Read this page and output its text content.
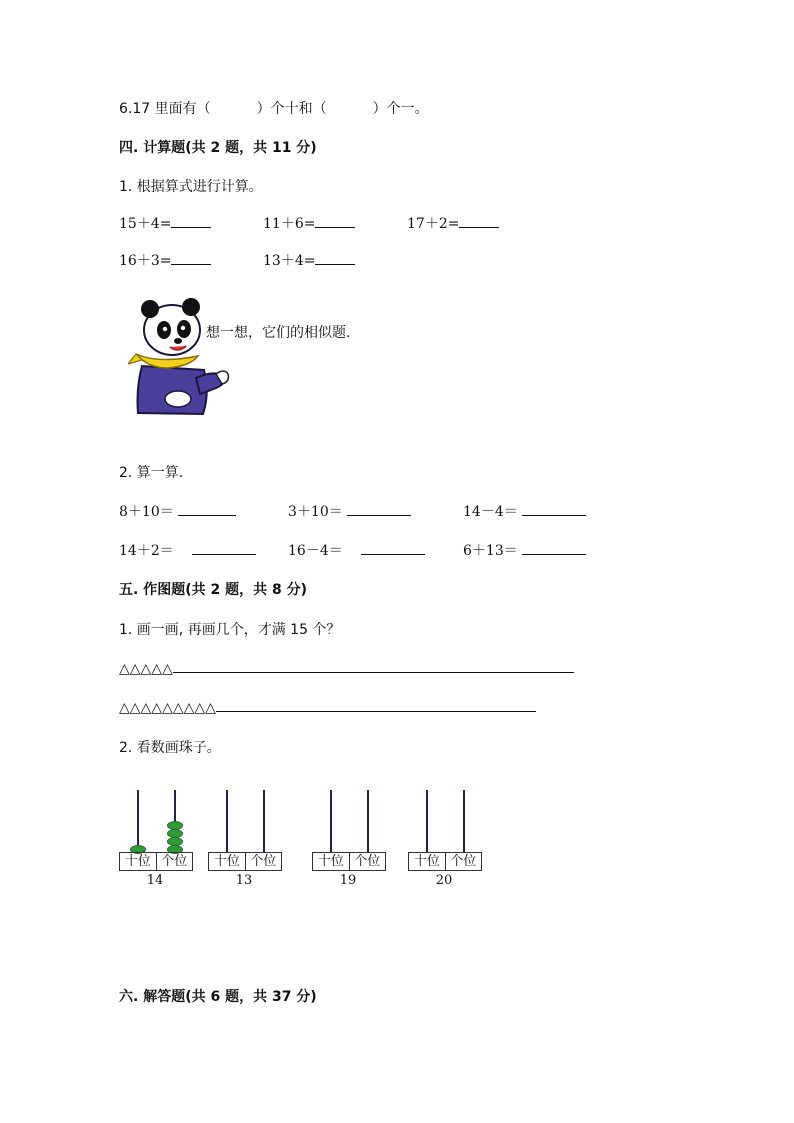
6.17 里面有（	）个十和（	）个一。
四. 计算题(共 2 题，共 11 分)
1. 根据算式进行计算。
15＋4=	11＋6=	17＋2=
16＋3=	13＋4=
想一想，它们的相似题.
2. 算一算.
8＋10＝	3＋10＝	14－4＝
14＋2＝	16－4＝	6＋13＝
五. 作图题(共 2 题，共 8 分)
1. 画一画, 再画几个，才满 15 个？
△△△△△
△△△△△△△△△
2. 看数画珠子。
十位 个位
14
十位 个位
13
十位 个位
19
十位 个位
20
六. 解答题(共 6 题，共 37 分)
